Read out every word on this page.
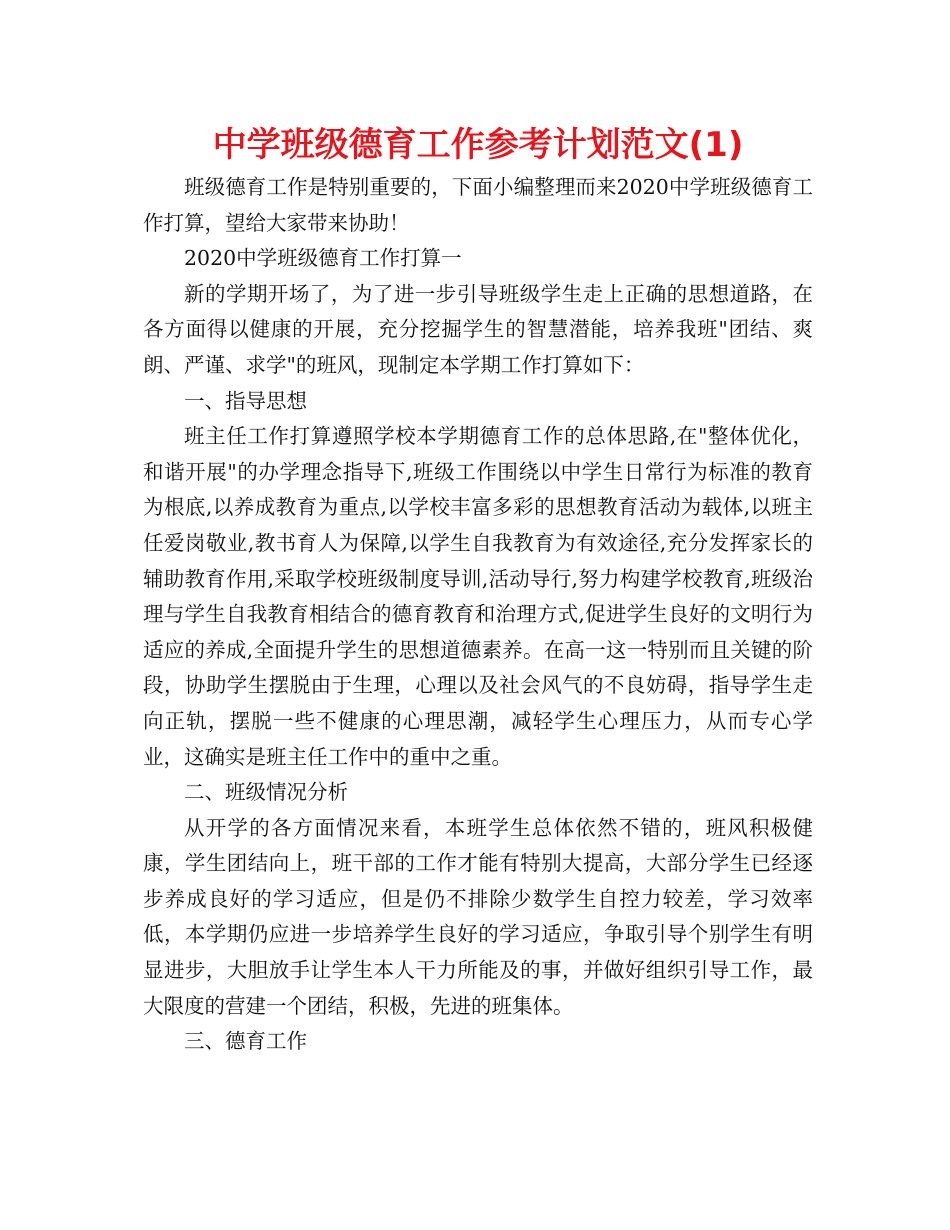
中学班级德育工作参考计划范文(1)

班级德育工作是特别重要的，下面小编整理而来2020中学班级德育工作打算，望给大家带来协助！

2020中学班级德育工作打算一

新的学期开场了，为了进一步引导班级学生走上正确的思想道路，在各方面得以健康的开展，充分挖掘学生的智慧潜能，培养我班"团结、爽朗、严谨、求学"的班风，现制定本学期工作打算如下：

一、指导思想

班主任工作打算遵照学校本学期德育工作的总体思路,在"整体优化，和谐开展"的办学理念指导下,班级工作围绕以中学生日常行为标准的教育为根底,以养成教育为重点,以学校丰富多彩的思想教育活动为载体,以班主任爱岗敬业,教书育人为保障,以学生自我教育为有效途径,充分发挥家长的辅助教育作用,采取学校班级制度导训,活动导行,努力构建学校教育,班级治理与学生自我教育相结合的德育教育和治理方式,促进学生良好的文明行为适应的养成,全面提升学生的思想道德素养。在高一这一特别而且关键的阶段，协助学生摆脱由于生理，心理以及社会风气的不良妨碍，指导学生走向正轨，摆脱一些不健康的心理思潮，减轻学生心理压力，从而专心学业，这确实是班主任工作中的重中之重。

二、班级情况分析

从开学的各方面情况来看，本班学生总体依然不错的，班风积极健康，学生团结向上，班干部的工作才能有特别大提高，大部分学生已经逐步养成良好的学习适应，但是仍不排除少数学生自控力较差，学习效率低，本学期仍应进一步培养学生良好的学习适应，争取引导个别学生有明显进步，大胆放手让学生本人干力所能及的事，并做好组织引导工作，最大限度的营建一个团结，积极，先进的班集体。

三、德育工作
